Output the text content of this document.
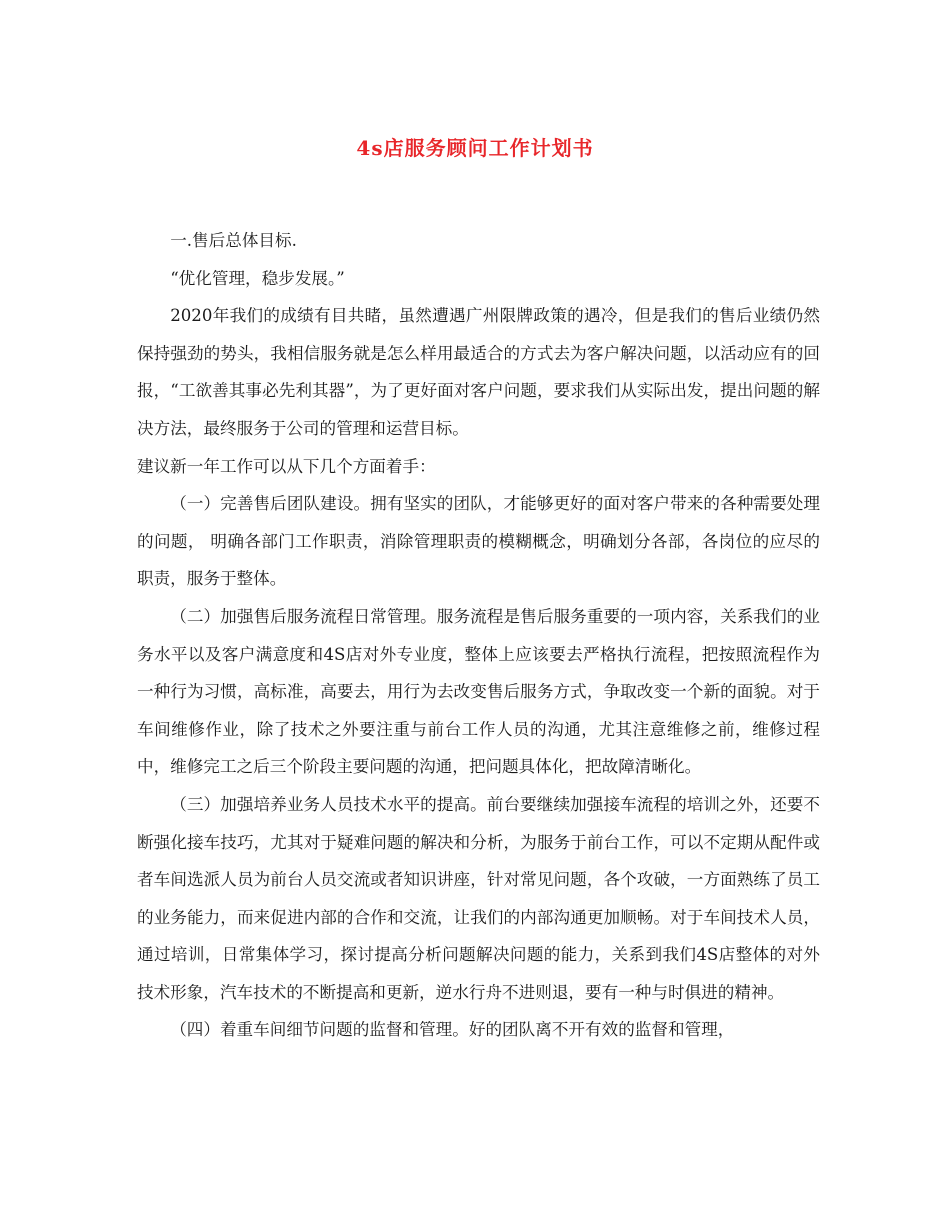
4s店服务顾问工作计划书

一.售后总体目标.

“优化管理，稳步发展。”

2020年我们的成绩有目共睹，虽然遭遇广州限牌政策的遇冷，但是我们的售后业绩仍然保持强劲的势头，我相信服务就是怎么样用最适合的方式去为客户解决问题，以活动应有的回报，“工欲善其事必先利其器”，为了更好面对客户问题，要求我们从实际出发，提出问题的解决方法，最终服务于公司的管理和运营目标。

建议新一年工作可以从下几个方面着手：

（一）完善售后团队建设。拥有坚实的团队，才能够更好的面对客户带来的各种需要处理的问题， 明确各部门工作职责，消除管理职责的模糊概念，明确划分各部，各岗位的应尽的职责，服务于整体。

（二）加强售后服务流程日常管理。服务流程是售后服务重要的一项内容，关系我们的业务水平以及客户满意度和4S店对外专业度，整体上应该要去严格执行流程，把按照流程作为一种行为习惯，高标准，高要去，用行为去改变售后服务方式，争取改变一个新的面貌。对于车间维修作业，除了技术之外要注重与前台工作人员的沟通，尤其注意维修之前，维修过程中，维修完工之后三个阶段主要问题的沟通，把问题具体化，把故障清晰化。

（三）加强培养业务人员技术水平的提高。前台要继续加强接车流程的培训之外，还要不断强化接车技巧，尤其对于疑难问题的解决和分析，为服务于前台工作，可以不定期从配件或者车间选派人员为前台人员交流或者知识讲座，针对常见问题，各个攻破，一方面熟练了员工的业务能力，而来促进内部的合作和交流，让我们的内部沟通更加顺畅。对于车间技术人员，通过培训，日常集体学习，探讨提高分析问题解决问题的能力，关系到我们4S店整体的对外技术形象，汽车技术的不断提高和更新，逆水行舟不进则退，要有一种与时俱进的精神。

（四）着重车间细节问题的监督和管理。好的团队离不开有效的监督和管理，
